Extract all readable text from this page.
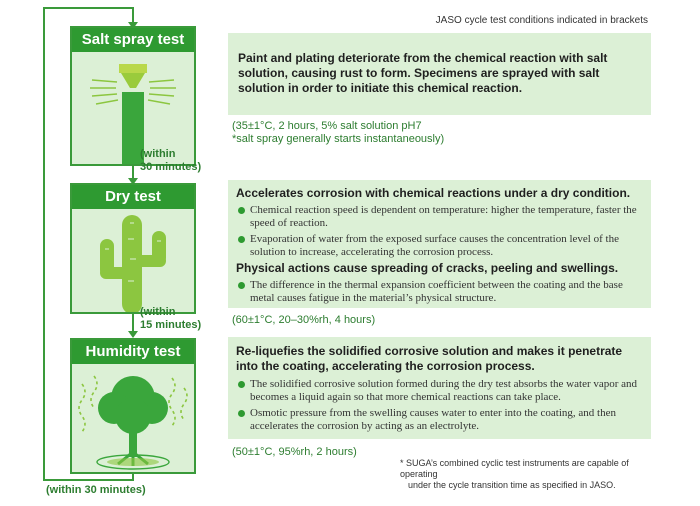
JASO cycle test conditions indicated in brackets
Salt spray test
(within
30 minutes)
Paint and plating deteriorate from the chemical reaction with salt solution, causing rust to form. Specimens are sprayed with salt solution in order to initiate this chemical reaction.
(35±1°C, 2 hours, 5% salt solution pH7
*salt spray generally starts instantaneously)
Dry test
(within
15 minutes)
Accelerates corrosion with chemical reactions under a dry condition.
Chemical reaction speed is dependent on temperature: higher the temperature, faster the speed of reaction.
Evaporation of water from the exposed surface causes the concentration level of the solution to increase, accelerating the corrosion process.
Physical actions cause spreading of cracks, peeling and swellings.
The difference in the thermal expansion coefficient between the coating and the base metal causes fatigue in the material’s physical structure.
(60±1°C, 20–30%rh, 4 hours)
Humidity test	Re-liquefies the solidified corrosive solution and makes it penetrate into the coating, accelerating the corrosion process.
The solidified corrosive solution formed during the dry test absorbs the water vapor and becomes a liquid again so that more chemical reactions can take place.
Osmotic pressure from the swelling causes water to enter into the coating, and then accelerates the corrosion by acting as an electrolyte.
(50±1°C, 95%rh, 2 hours)
* SUGA’s combined cyclic test instruments are capable of operating
under the cycle transition time as specified in JASO.
(within 30 minutes)
